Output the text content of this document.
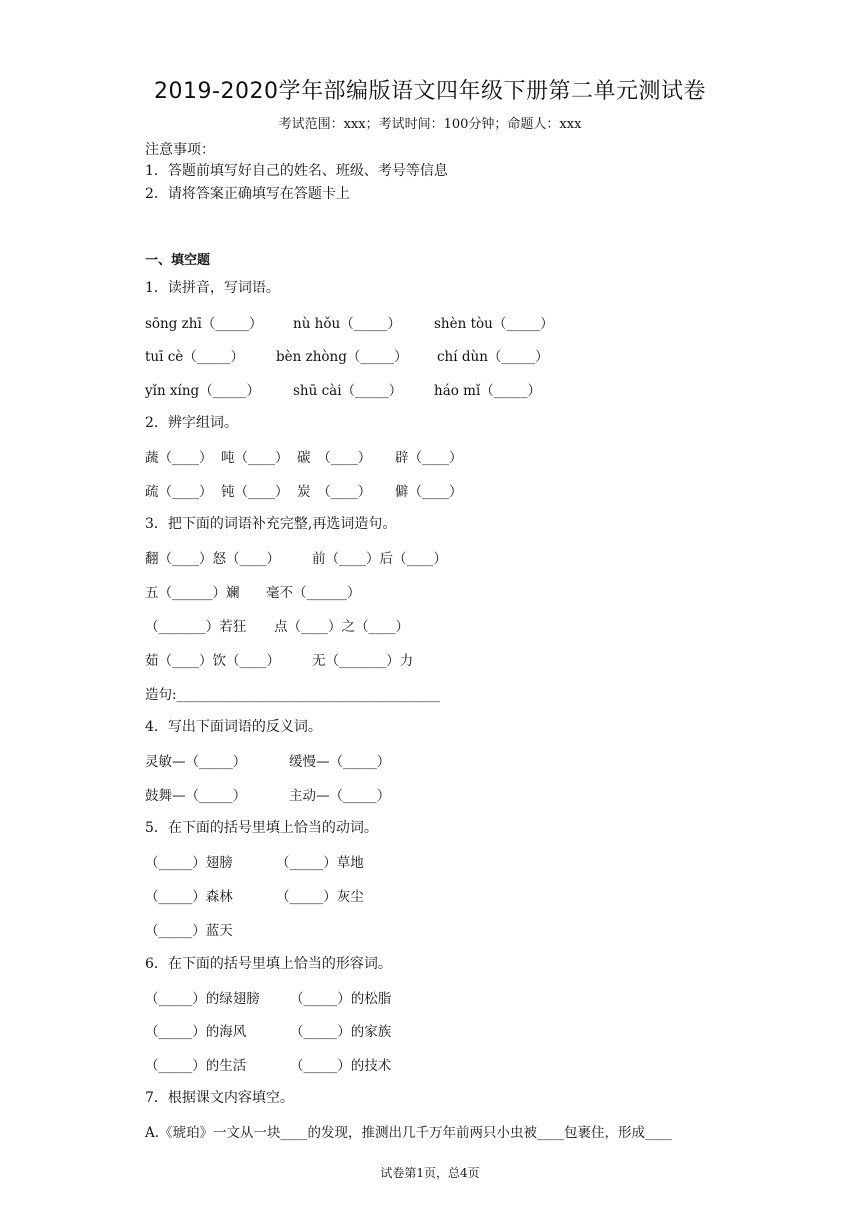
2019-2020学年部编版语文四年级下册第二单元测试卷
考试范围：xxx；考试时间：100分钟；命题人：xxx
注意事项：
1．答题前填写好自己的姓名、班级、考号等信息
2．请将答案正确填写在答题卡上
一、填空题
1．读拼音，写词语。
sōng zhī（_____） nù hǒu（_____） shèn tòu（_____）
tuī cè（_____） bèn zhòng（_____） chí dùn（_____）
yǐn xíng（_____） shū cài（_____） háo mǐ（_____）
2．辨字组词。
蔬（____） 吨（____） 碳　（____） 辟（____）
疏（____） 钝（____） 炭　（____） 僻（____）
3．把下面的词语补充完整,再选词造句。
翻（____）怒（____） 前（____）后（____）
五（______）斓 毫不（______）
（_______）若狂 点（____）之（____）
茹（____）饮（____） 无（_______）力
造句:_______________________________________
4．写出下面词语的反义词。
灵敏—（_____）	缓慢—（_____）
鼓舞—（_____）	主动—（_____）
5．在下面的括号里填上恰当的动词。
（_____）翅膀	（_____）草地
（_____）森林	（_____）灰尘
（_____）蓝天
6．在下面的括号里填上恰当的形容词。
（_____）的绿翅膀 （_____）的松脂
（_____）的海风	（_____）的家族
（_____）的生活	（_____）的技术
7．根据课文内容填空。
A.《琥珀》一文从一块____的发现，推测出几千万年前两只小虫被____包裹住，形成____
试卷第1页，总4页
